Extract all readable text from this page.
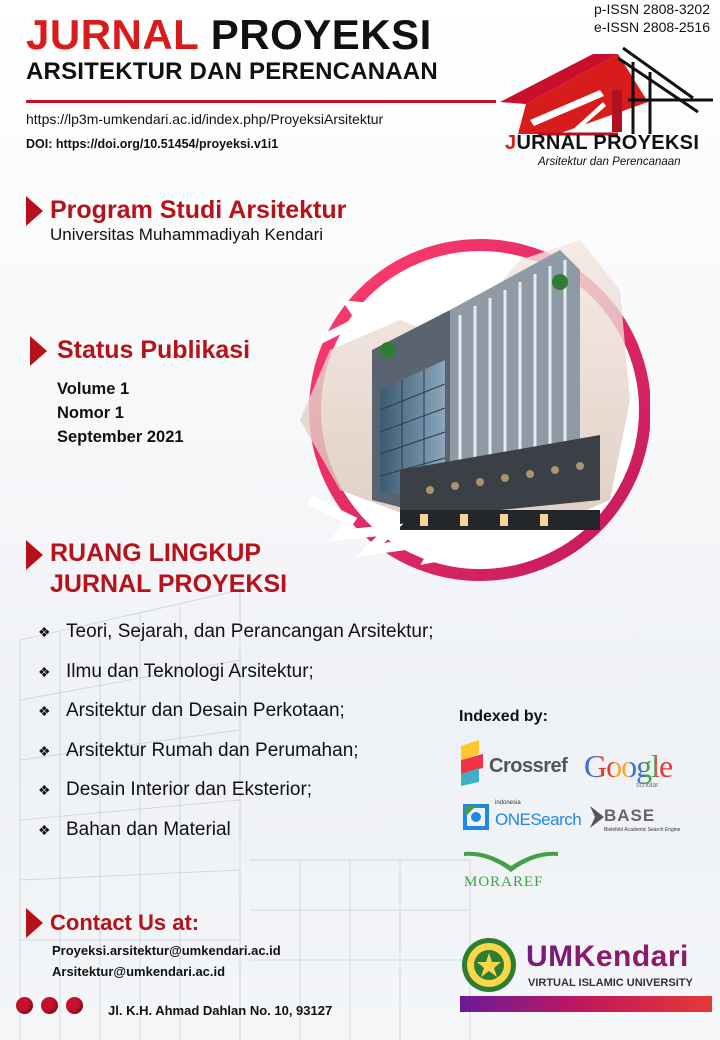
JURNAL PROYEKSI
ARSITEKTUR DAN PERENCANAAN
https://lp3m-umkendari.ac.id/index.php/ProyeksiArsitektur
DOI: https://doi.org/10.51454/proyeksi.v1i1
p-ISSN 2808-3202
e-ISSN 2808-2516
JURNAL PROYEKSI
Arsitektur dan Perencanaan
Program Studi Arsitektur
Universitas Muhammadiyah Kendari
Status Publikasi
Volume 1
Nomor 1
September 2021
RUANG LINGKUP
JURNAL PROYEKSI
❖ Teori, Sejarah, dan Perancangan Arsitektur;
❖ Ilmu dan Teknologi Arsitektur;
❖ Arsitektur dan Desain Perkotaan;
❖ Arsitektur Rumah dan Perumahan;
❖ Desain Interior dan Eksterior;
❖ Bahan dan Material
Indexed by:
Crossref Google
scholar
indonesia
ONESearch BASE
Bielefeld Academic Search Engine
MORAREF
Contact Us at:
Proyeksi.arsitektur@umkendari.ac.id
Arsitektur@umkendari.ac.id
Jl. K.H. Ahmad Dahlan No. 10, 93127
UMKendari
VIRTUAL ISLAMIC UNIVERSITY
